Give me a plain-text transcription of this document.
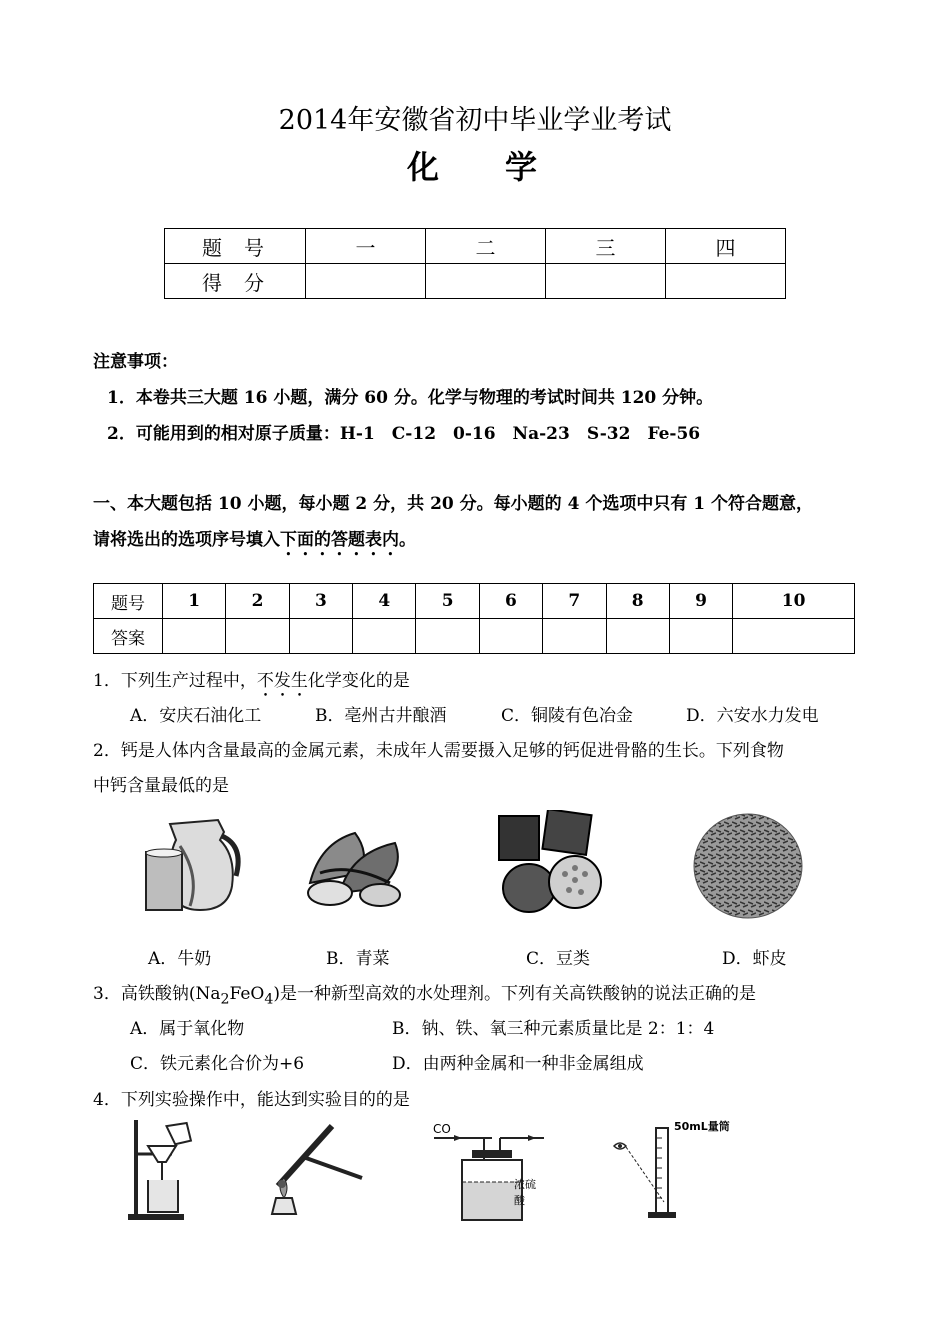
2014年安徽省初中毕业学业考试
化学
题号	一	二	三	四
得分				
注意事项：
1．本卷共三大题 16 小题，满分 60 分。化学与物理的考试时间共 120 分钟。
2．可能用到的相对原子质量：H-1　C-12　0-16　Na-23　S-32　Fe-56
一、本大题包括 10 小题，每小题 2 分，共 20 分。每小题的 4 个选项中只有 1 个符合题意，
请将选出的选项序号填入下面的答题表内。
题号	1	2	3	4	5	6	7	8	9	10
答案										
1．下列生产过程中，不发生化学变化的是
A．安庆石油化工	B．亳州古井酿酒	C．铜陵有色冶金	D．六安水力发电
2．钙是人体内含量最高的金属元素，未成年人需要摄入足够的钙促进骨骼的生长。下列食物
中钙含量最低的是
A．牛奶	B．青菜	C．豆类	D．虾皮
3．高铁酸钠$(Na_2FeO_4)$是一种新型高效的水处理剂。下列有关高铁酸钠的说法正确的是
A．属于氧化物	B．钠、铁、氧三种元素质量比是 2：1：4
C．铁元素化合价为+6	D．由两种金属和一种非金属组成
4．下列实验操作中，能达到实验目的的是
CO
浓硫酸
50mL量筒
